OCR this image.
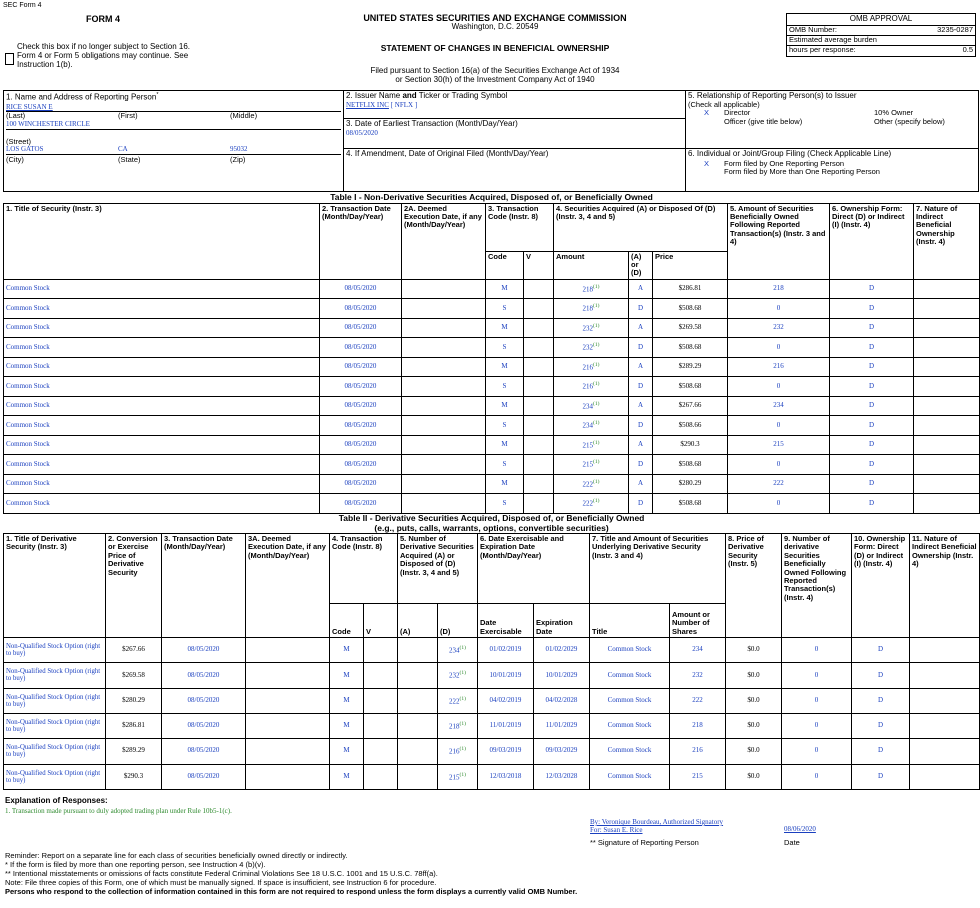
SEC Form 4
FORM 4
Check this box if no longer subject to Section 16. Form 4 or Form 5 obligations may continue. See Instruction 1(b).
UNITED STATES SECURITIES AND EXCHANGE COMMISSION
Washington, D.C. 20549
STATEMENT OF CHANGES IN BENEFICIAL OWNERSHIP
Filed pursuant to Section 16(a) of the Securities Exchange Act of 1934
or Section 30(h) of the Investment Company Act of 1940
OMB APPROVAL
OMB Number:	3235-0287
Estimated average burden
hours per response:	0.5
1. Name and Address of Reporting Person*
RICE SUSAN E
(Last)	(First)	(Middle)
100 WINCHESTER CIRCLE
(Street)
LOS GATOS	CA	95032
(City)	(State)	(Zip)
2. Issuer Name and Ticker or Trading Symbol
NETFLIX INC [ NFLX ]
3. Date of Earliest Transaction (Month/Day/Year)
08/05/2020
4. If Amendment, Date of Original Filed (Month/Day/Year)
5. Relationship of Reporting Person(s) to Issuer
(Check all applicable)
X	Director	10% Owner
Officer (give title below)	Other (specify below)
6. Individual or Joint/Group Filing (Check Applicable Line)
X	Form filed by One Reporting Person
Form filed by More than One Reporting Person
Table I - Non-Derivative Securities Acquired, Disposed of, or Beneficially Owned										
1. Title of Security (Instr. 3)	2. Transaction Date (Month/Day/Year)	2A. Deemed Execution Date, if any (Month/Day/Year)	3. Transaction Code (Instr. 8)		4. Securities Acquired (A) or Disposed Of (D) (Instr. 3, 4 and 5)			5. Amount of Securities Beneficially Owned Following Reported Transaction(s) (Instr. 3 and 4)	6. Ownership Form: Direct (D) or Indirect (I) (Instr. 4)	7. Nature of Indirect Beneficial Ownership (Instr. 4)
			Code	V	Amount	(A) or (D)	Price			
Common Stock	08/05/2020		M		218$^{(1)}$	A	$286.81	218	D	
Common Stock	08/05/2020		S		218$^{(1)}$	D	$508.68	0	D	
Common Stock	08/05/2020		M		232$^{(1)}$	A	$269.58	232	D	
Common Stock	08/05/2020		S		232$^{(1)}$	D	$508.68	0	D	
Common Stock	08/05/2020		M		216$^{(1)}$	A	$289.29	216	D	
Common Stock	08/05/2020		S		216$^{(1)}$	D	$508.68	0	D	
Common Stock	08/05/2020		M		234$^{(1)}$	A	$267.66	234	D	
Common Stock	08/05/2020		S		234$^{(1)}$	D	$508.66	0	D	
Common Stock	08/05/2020		M		215$^{(1)}$	A	$290.3	215	D	
Common Stock	08/05/2020		S		215$^{(1)}$	D	$508.68	0	D	
Common Stock	08/05/2020		M		222$^{(1)}$	A	$280.29	222	D	
Common Stock	08/05/2020		S		222$^{(1)}$	D	$508.68	0	D	
Table II - Derivative Securities Acquired, Disposed of, or Beneficially Owned
(e.g., puts, calls, warrants, options, convertible securities)															

1. Title of Derivative Security (Instr. 3)	2. Conversion or Exercise Price of Derivative Security	3. Transaction Date (Month/Day/Year)	3A. Deemed Execution Date, if any (Month/Day/Year)	4. Transaction Code (Instr. 8)		5. Number of Derivative Securities Acquired (A) or Disposed of (D) (Instr. 3, 4 and 5)		6. Date Exercisable and Expiration Date (Month/Day/Year)		7. Title and Amount of Securities Underlying Derivative Security (Instr. 3 and 4)		8. Price of Derivative Security (Instr. 5)	9. Number of derivative Securities Beneficially Owned Following Reported Transaction(s) (Instr. 4)	10. Ownership Form: Direct (D) or Indirect (I) (Instr. 4)	11. Nature of Indirect Beneficial Ownership (Instr. 4)
				Code	V	(A)	(D)	Date Exercisable	Expiration Date	Title	Amount or Number of Shares				
Non-Qualified Stock Option (right to buy)	$267.66	08/05/2020		M			234$^{(1)}$	01/02/2019	01/02/2029	Common Stock	234	$0.0	0	D	
Non-Qualified Stock Option (right to buy)	$269.58	08/05/2020		M			232$^{(1)}$	10/01/2019	10/01/2029	Common Stock	232	$0.0	0	D	
Non-Qualified Stock Option (right to buy)	$280.29	08/05/2020		M			222$^{(1)}$	04/02/2019	04/02/2028	Common Stock	222	$0.0	0	D	
Non-Qualified Stock Option (right to buy)	$286.81	08/05/2020		M			218$^{(1)}$	11/01/2019	11/01/2029	Common Stock	218	$0.0	0	D	
Non-Qualified Stock Option (right to buy)	$289.29	08/05/2020		M			216$^{(1)}$	09/03/2019	09/03/2029	Common Stock	216	$0.0	0	D	
Non-Qualified Stock Option (right to buy)	$290.3	08/05/2020		M			215$^{(1)}$	12/03/2018	12/03/2028	Common Stock	215	$0.0	0	D	
Explanation of Responses:
1. Transaction made pursuant to duly adopted trading plan under Rule 10b5-1(c).
By: Veronique Bourdeau, Authorized Signatory
For: Susan E. Rice	08/06/2020
** Signature of Reporting Person	Date
Reminder: Report on a separate line for each class of securities beneficially owned directly or indirectly.
* If the form is filed by more than one reporting person, see Instruction 4 (b)(v).
** Intentional misstatements or omissions of facts constitute Federal Criminal Violations See 18 U.S.C. 1001 and 15 U.S.C. 78ff(a).
Note: File three copies of this Form, one of which must be manually signed. If space is insufficient, see Instruction 6 for procedure.
Persons who respond to the collection of information contained in this form are not required to respond unless the form displays a currently valid OMB Number.
